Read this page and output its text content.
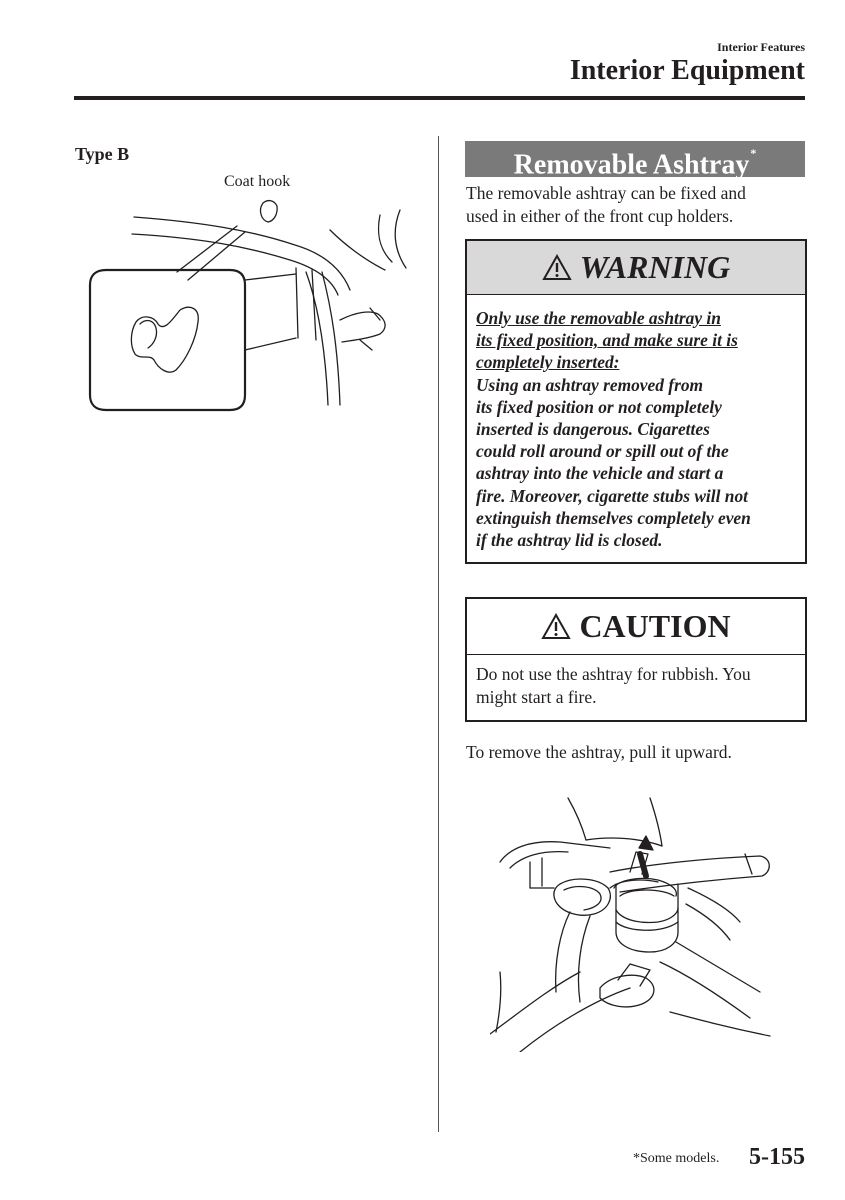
Interior Features
Interior Equipment
Type B
Coat hook
Removable Ashtray*

The removable ashtray can be fixed and
used in either of the front cup holders.

WARNING
Only use the removable ashtray in
its fixed position, and make sure it is
completely inserted:
Using an ashtray removed from
its fixed position or not completely
inserted is dangerous. Cigarettes
could roll around or spill out of the
ashtray into the vehicle and start a
fire. Moreover, cigarette stubs will not
extinguish themselves completely even
if the ashtray lid is closed.
CAUTION
Do not use the ashtray for rubbish. You
might start a fire.

To remove the ashtray, pull it upward.

*Some models. 5-155
